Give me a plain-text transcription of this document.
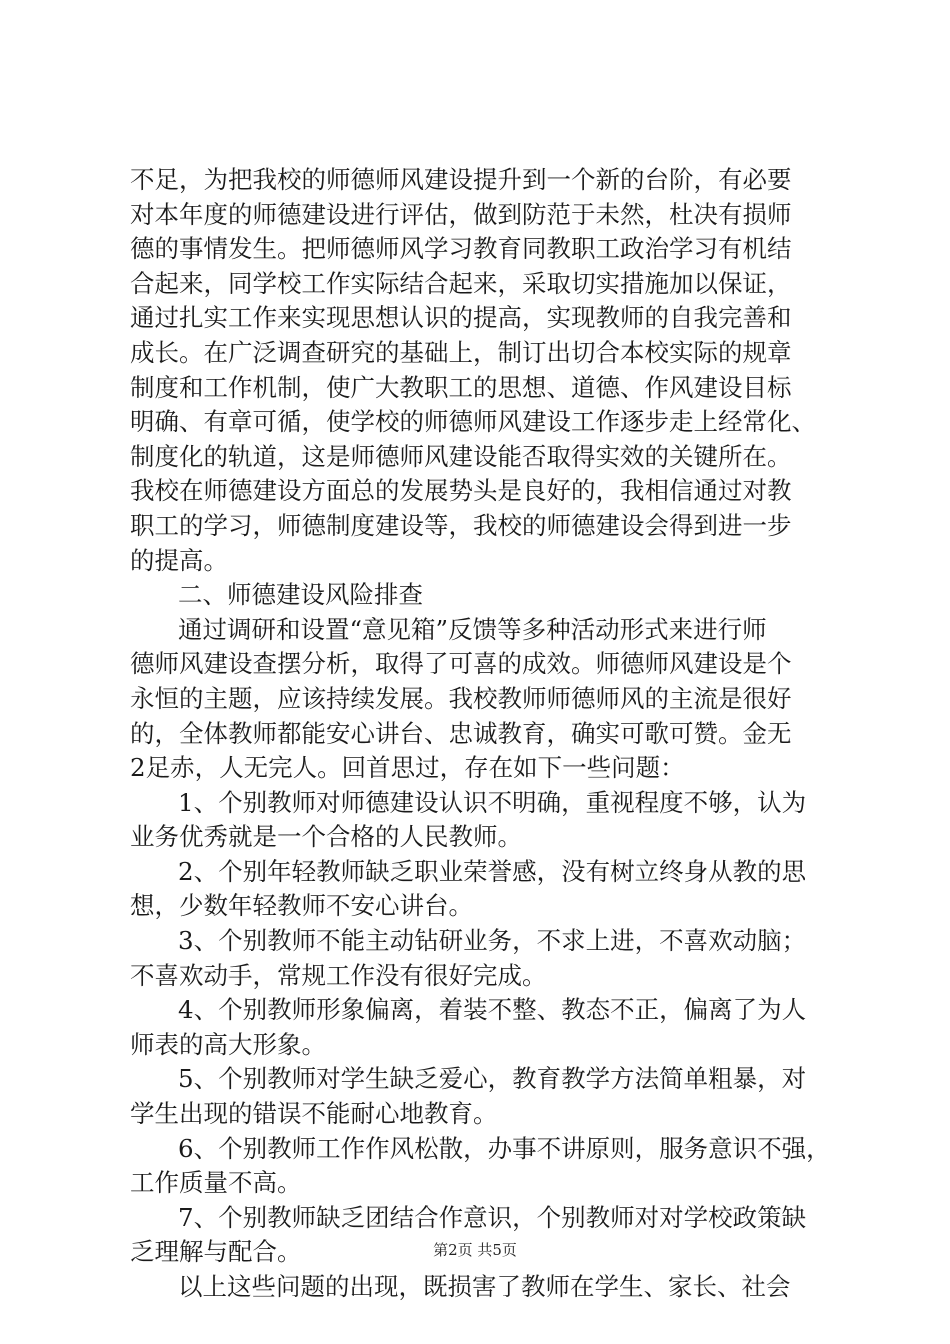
不足，为把我校的师德师风建设提升到一个新的台阶，有必要
对本年度的师德建设进行评估，做到防范于未然，杜决有损师
德的事情发生。把师德师风学习教育同教职工政治学习有机结
合起来，同学校工作实际结合起来，采取切实措施加以保证，
通过扎实工作来实现思想认识的提高，实现教师的自我完善和
成长。在广泛调查研究的基础上，制订出切合本校实际的规章
制度和工作机制，使广大教职工的思想、道德、作风建设目标
明确、有章可循，使学校的师德师风建设工作逐步走上经常化、
制度化的轨道，这是师德师风建设能否取得实效的关键所在。
我校在师德建设方面总的发展势头是良好的，我相信通过对教
职工的学习，师德制度建设等，我校的师德建设会得到进一步
的提高。
二、师德建设风险排查
通过调研和设置“意见箱”反馈等多种活动形式来进行师
德师风建设查摆分析，取得了可喜的成效。师德师风建设是个
永恒的主题，应该持续发展。我校教师师德师风的主流是很好
的，全体教师都能安心讲台、忠诚教育，确实可歌可赞。金无
2足赤，人无完人。回首思过，存在如下一些问题：
1、个别教师对师德建设认识不明确，重视程度不够，认为
业务优秀就是一个合格的人民教师。
2、个别年轻教师缺乏职业荣誉感，没有树立终身从教的思
想，少数年轻教师不安心讲台。
3、个别教师不能主动钻研业务，不求上进，不喜欢动脑；
不喜欢动手，常规工作没有很好完成。
4、个别教师形象偏离，着装不整、教态不正，偏离了为人
师表的高大形象。
5、个别教师对学生缺乏爱心，教育教学方法简单粗暴，对
学生出现的错误不能耐心地教育。
6、个别教师工作作风松散，办事不讲原则，服务意识不强，
工作质量不高。
7、个别教师缺乏团结合作意识，个别教师对对学校政策缺
乏理解与配合。
以上这些问题的出现，既损害了教师在学生、家长、社会
第2页 共5页
